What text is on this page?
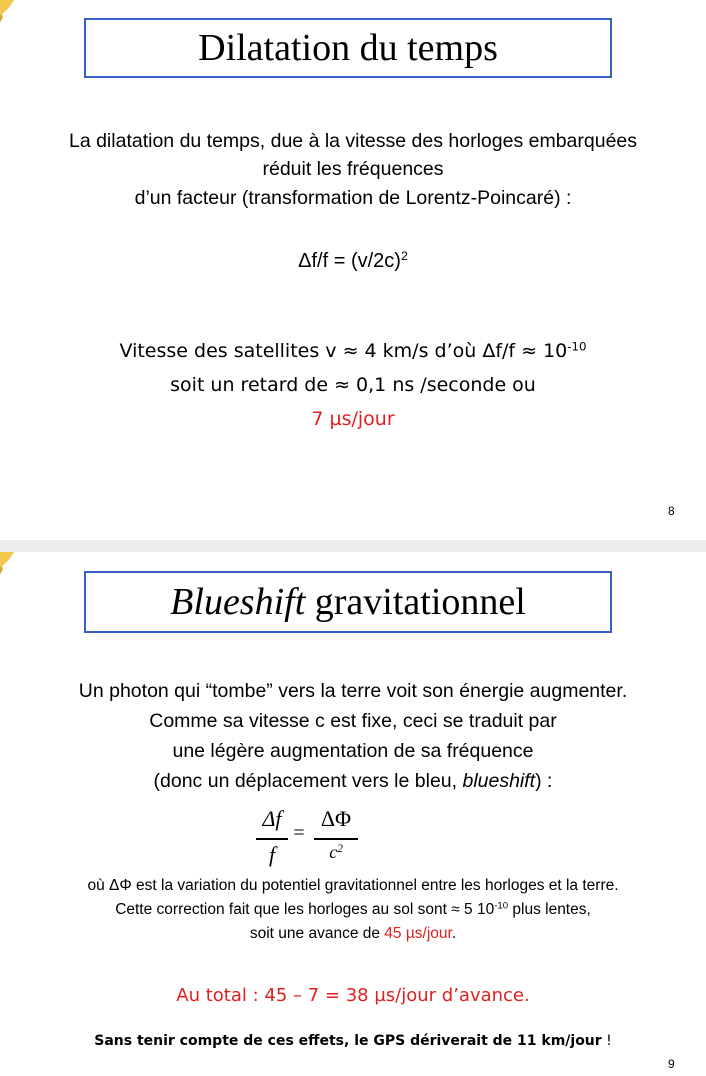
Dilatation du temps
La dilatation du temps, due à la vitesse des horloges embarquées
réduit les fréquences
d’un facteur (transformation de Lorentz-Poincaré) :
$\Delta f/f = (v/2c)^2$
Vitesse des satellites v ≈ 4 km/s d’où $\Delta f/f \approx 10^{-10}$
soit un retard de ≈ 0,1 ns /seconde ou
7 µs/jour
8
Blueshift gravitationnel
Un photon qui “tombe” vers la terre voit son énergie augmenter.
Comme sa vitesse c est fixe, ceci se traduit par
une légère augmentation de sa fréquence
(donc un déplacement vers le bleu, blueshift) :
Δf
f
=
ΔΦ
$c^2$
où ΔΦ est la variation du potentiel gravitationnel entre les horloges et la terre.
Cette correction fait que les horloges au sol sont ≈ 5 $10^{-10}$ plus lentes,
soit une avance de 45 µs/jour.
Au total : 45 – 7 = 38 µs/jour d’avance.
Sans tenir compte de ces effets, le GPS dériverait de 11 km/jour !
9
